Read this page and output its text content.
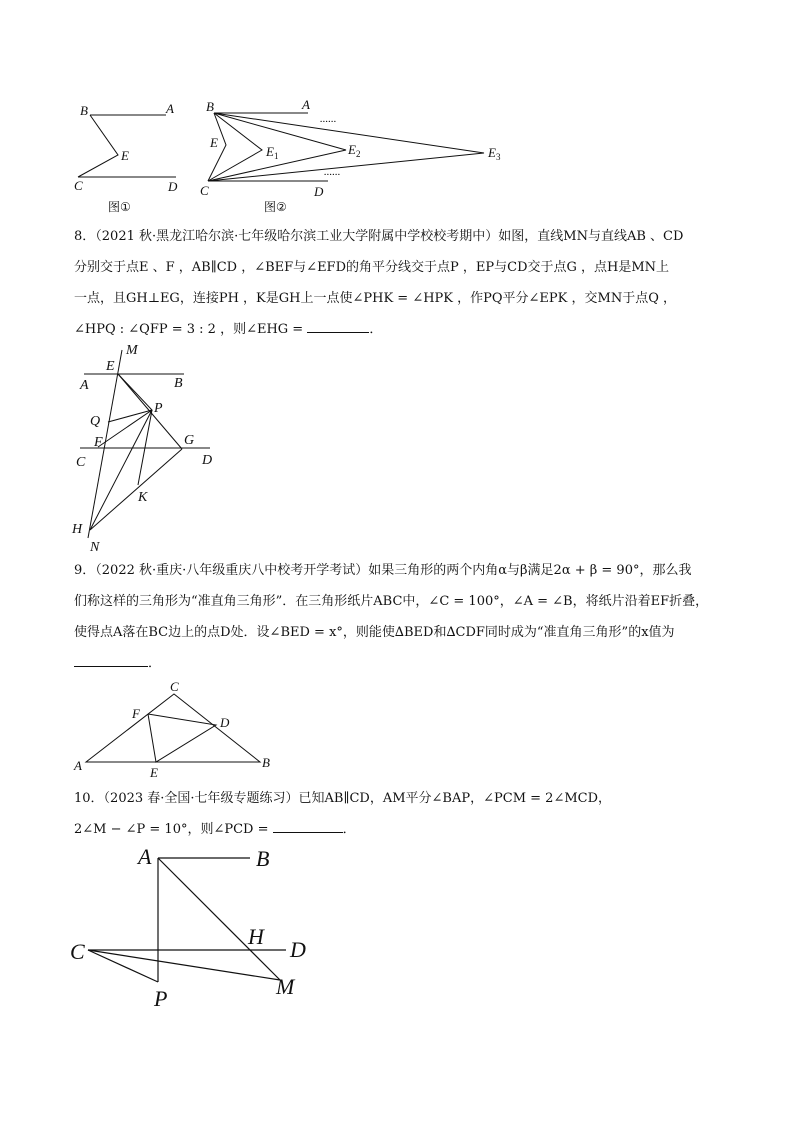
B	A
E
C	D
图①
B	A
......
E
$E_1$	$E_2$	$E_3$
......
C	D
图②
8．（2021 秋·黑龙江哈尔滨·七年级哈尔滨工业大学附属中学校校考期中）如图，直线MN与直线AB 、CD
分别交于点E 、F ，AB∥CD ，∠BEF与∠EFD的角平分线交于点P ，EP与CD交于点G ，点H是MN上
一点，且GH⊥EG，连接PH ，K是GH上一点使∠PHK = ∠HPK ，作PQ平分∠EPK ，交MN于点Q ，
∠HPQ : ∠QFP = 3 : 2 ，则∠EHG =	．
M
E
A	B
Q
P
F	G
C	D
K
H
N
9．（2022 秋·重庆·八年级重庆八中校考开学考试）如果三角形的两个内角α与β满足2α + β = 90°，那么我
们称这样的三角形为“准直角三角形”．在三角形纸片ABC中，∠C = 100°，∠A = ∠B，将纸片沿着EF折叠，
使得点A落在BC边上的点D处．设∠BED = x°，则能使∆BED和∆CDF同时成为“准直角三角形”的x值为
．
C
F
D
A	E
B
10．（2023 春·全国·七年级专题练习）已知AB∥CD，AM平分∠BAP，∠PCM = 2∠MCD，
2∠M − ∠P = 10°，则∠PCD =	．
A	B
C
H
D
P	M
